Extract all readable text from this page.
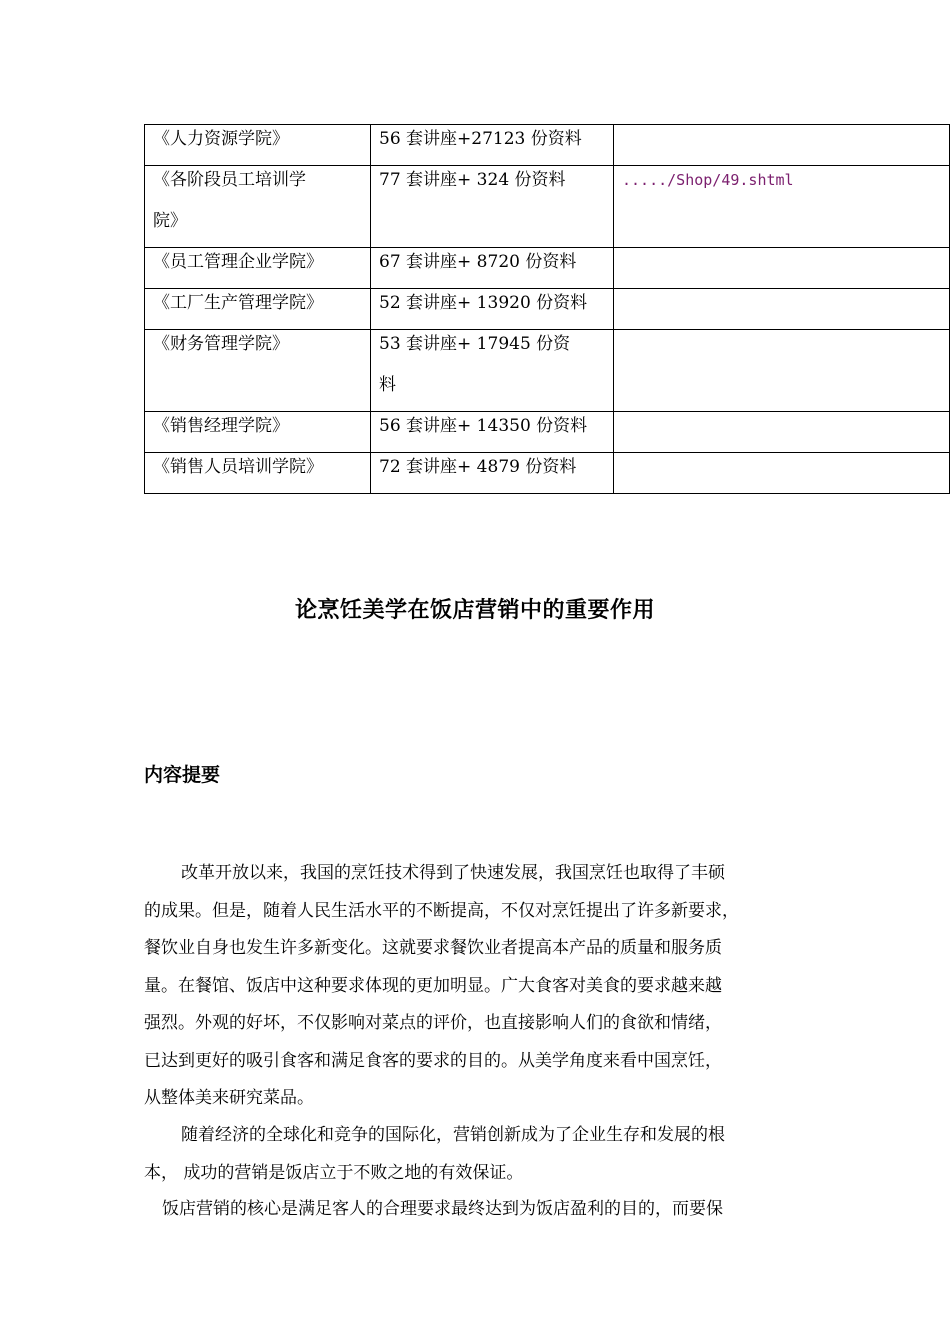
《人力资源学院》	56 套讲座+27123 份资料	

《各阶段员工培训学
院》	77 套讲座+ 324 份资料	...../Shop/49.shtml

《员工管理企业学院》	67 套讲座+ 8720 份资料	

《工厂生产管理学院》	52 套讲座+ 13920 份资料	

《财务管理学院》	53 套讲座+ 17945 份资
料	

《销售经理学院》	56 套讲座+ 14350 份资料	

《销售人员培训学院》	72 套讲座+ 4879 份资料	

论烹饪美学在饭店营销中的重要作用
内容提要
改革开放以来，我国的烹饪技术得到了快速发展，我国烹饪也取得了丰硕
的成果。但是，随着人民生活水平的不断提高，不仅对烹饪提出了许多新要求，
餐饮业自身也发生许多新变化。这就要求餐饮业者提高本产品的质量和服务质
量。在餐馆、饭店中这种要求体现的更加明显。广大食客对美食的要求越来越
强烈。外观的好坏，不仅影响对菜点的评价，也直接影响人们的食欲和情绪，
已达到更好的吸引食客和满足食客的要求的目的。从美学角度来看中国烹饪，
从整体美来研究菜品。
随着经济的全球化和竞争的国际化，营销创新成为了企业生存和发展的根
本， 成功的营销是饭店立于不败之地的有效保证。
饭店营销的核心是满足客人的合理要求最终达到为饭店盈利的目的，而要保
